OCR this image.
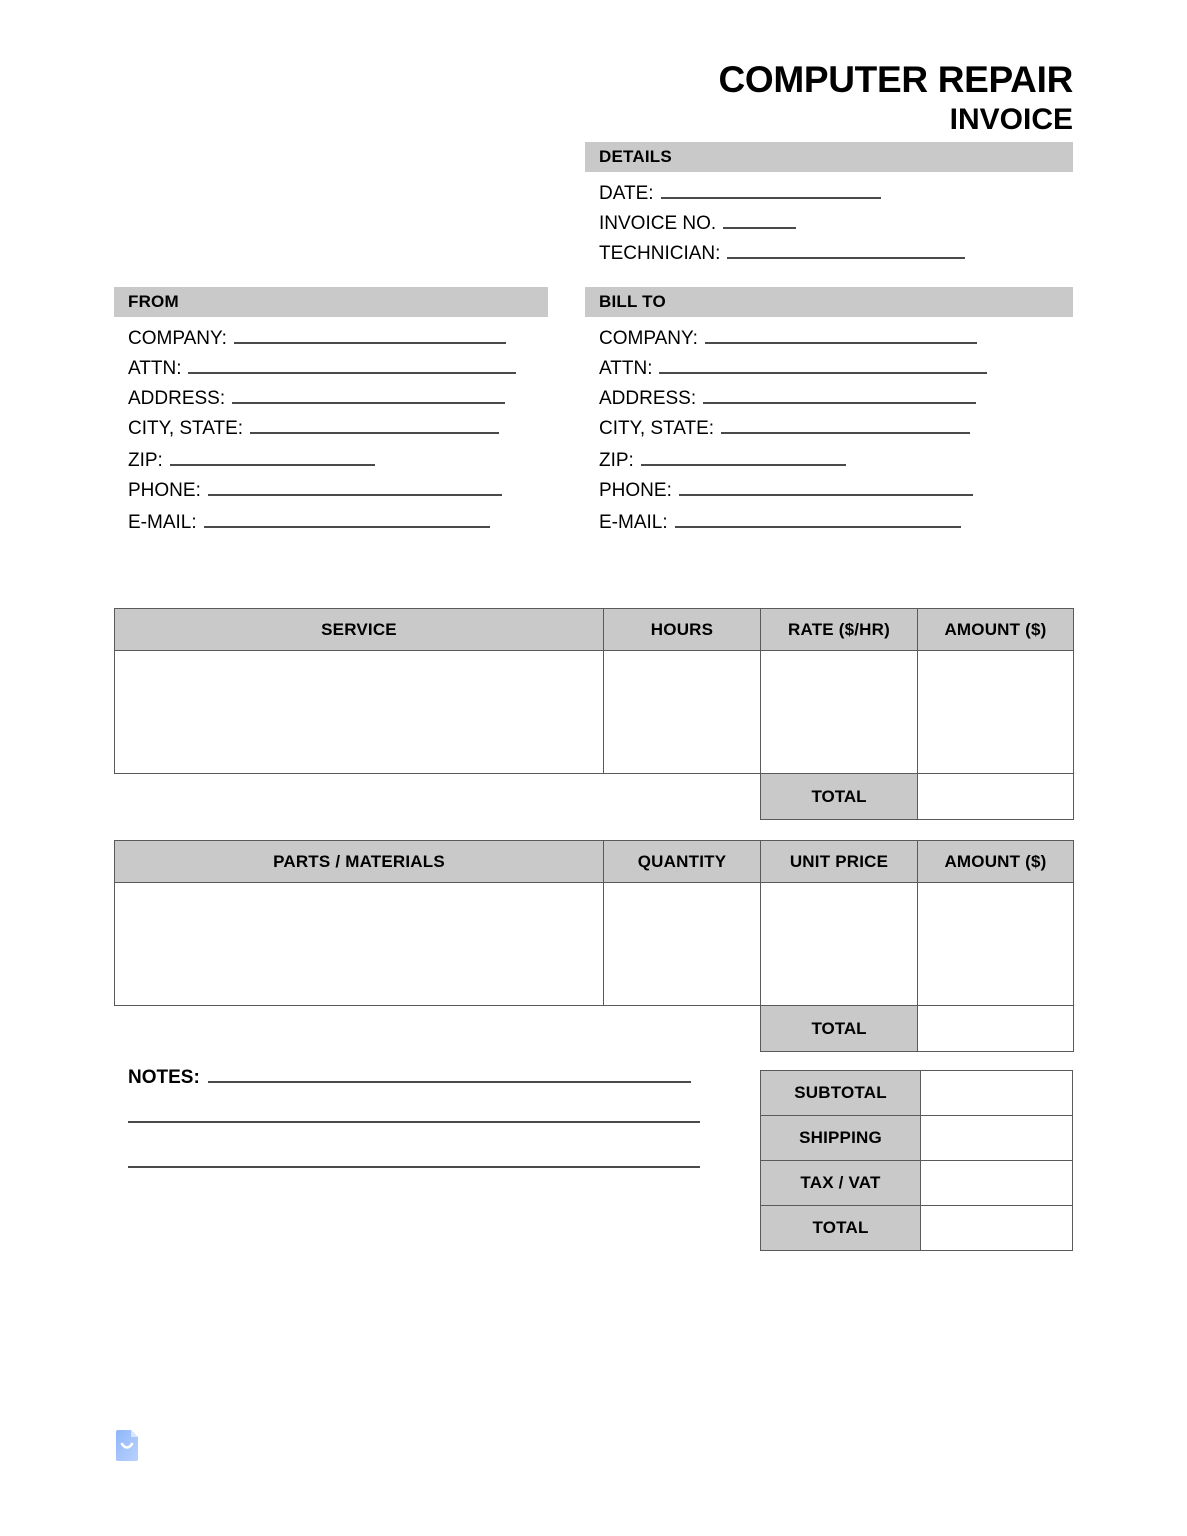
COMPUTER REPAIR
INVOICE
DETAILS
DATE:
INVOICE NO.
TECHNICIAN:
FROM
COMPANY:
ATTN:
ADDRESS:
CITY, STATE:
ZIP:
PHONE:
E-MAIL:
BILL TO
COMPANY:
ATTN:
ADDRESS:
CITY, STATE:
ZIP:
PHONE:
E-MAIL:
SERVICE	HOURS	RATE ($/HR)	AMOUNT ($)

		TOTAL	
PARTS / MATERIALS	QUANTITY	UNIT PRICE	AMOUNT ($)

		TOTAL	
NOTES:
SUBTOTAL	
SHIPPING	
TAX / VAT	
TOTAL	
